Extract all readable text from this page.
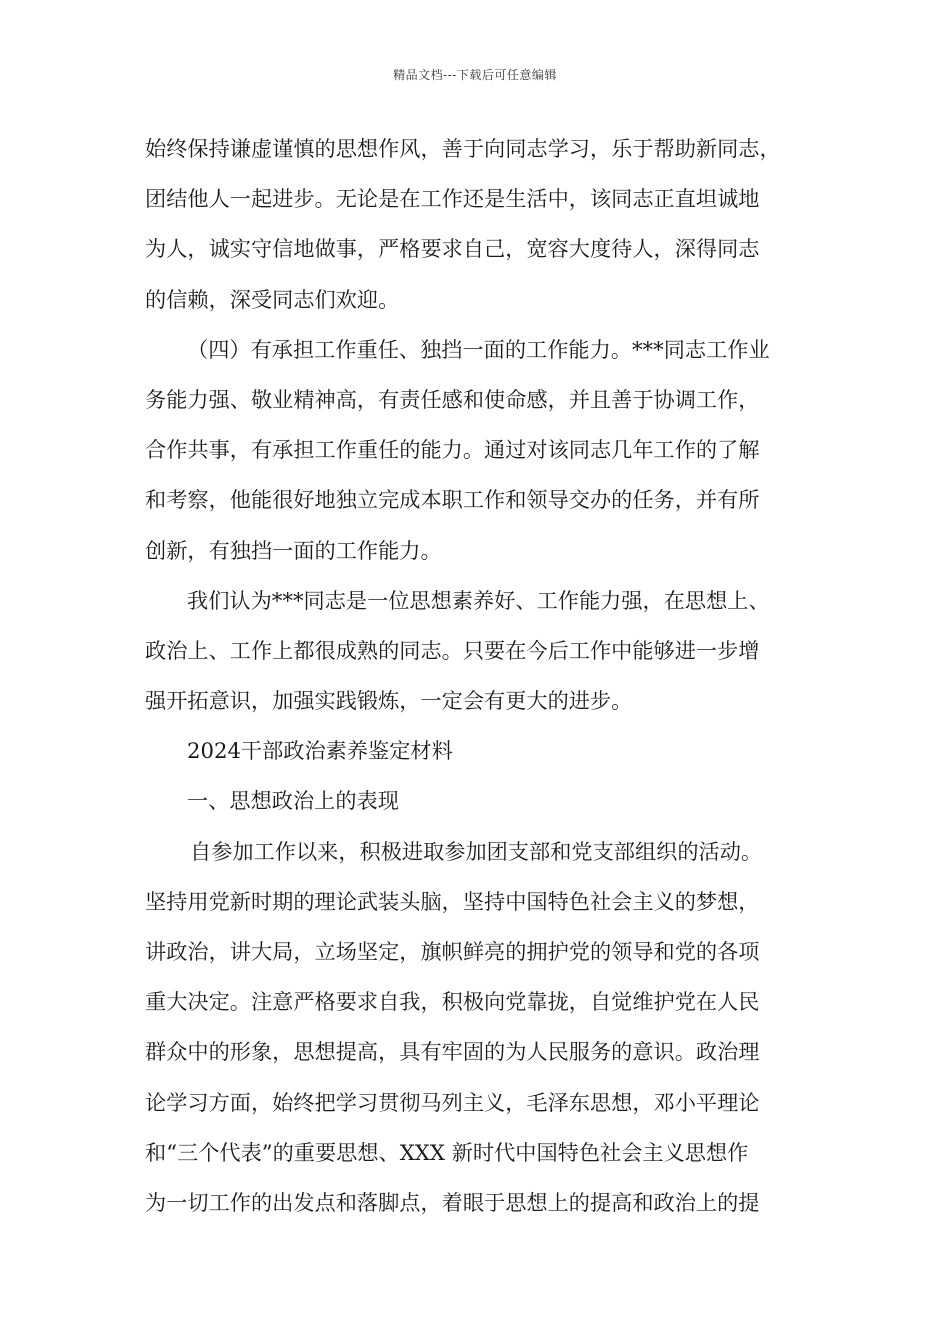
精品文档---下载后可任意编辑
始终保持谦虚谨慎的思想作风，善于向同志学习，乐于帮助新同志，
团结他人一起进步。无论是在工作还是生活中，该同志正直坦诚地
为人，诚实守信地做事，严格要求自己，宽容大度待人，深得同志
的信赖，深受同志们欢迎。
（四）有承担工作重任、独挡一面的工作能力。***同志工作业
务能力强、敬业精神高，有责任感和使命感，并且善于协调工作，
合作共事，有承担工作重任的能力。通过对该同志几年工作的了解
和考察，他能很好地独立完成本职工作和领导交办的任务，并有所
创新，有独挡一面的工作能力。
我们认为***同志是一位思想素养好、工作能力强，在思想上、
政治上、工作上都很成熟的同志。只要在今后工作中能够进一步增
强开拓意识，加强实践锻炼，一定会有更大的进步。
2024干部政治素养鉴定材料
一、思想政治上的表现
自参加工作以来，积极进取参加团支部和党支部组织的活动。
坚持用党新时期的理论武装头脑，坚持中国特色社会主义的梦想，
讲政治，讲大局，立场坚定，旗帜鲜亮的拥护党的领导和党的各项
重大决定。注意严格要求自我，积极向党靠拢，自觉维护党在人民
群众中的形象，思想提高，具有牢固的为人民服务的意识。政治理
论学习方面，始终把学习贯彻马列主义，毛泽东思想，邓小平理论
和“三个代表”的重要思想、XXX 新时代中国特色社会主义思想作
为一切工作的出发点和落脚点，着眼于思想上的提高和政治上的提
